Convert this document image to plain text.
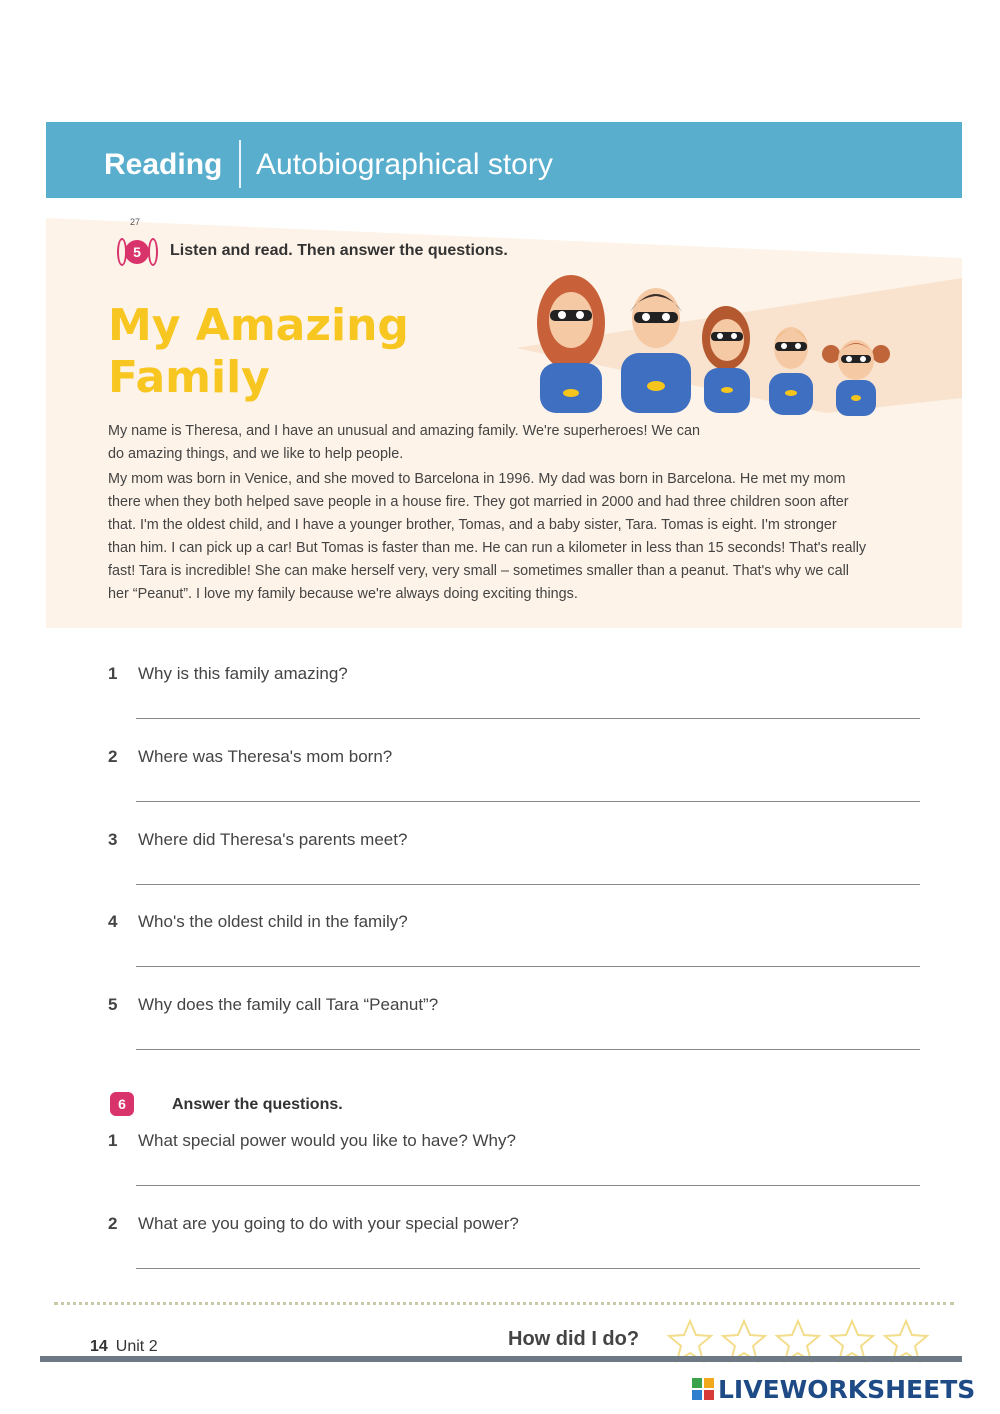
Reading Autobiographical story
27
5	Listen and read. Then answer the questions.
My Amazing
Family

My name is Theresa, and I have an unusual and amazing family. We're superheroes! We can
do amazing things, and we like to help people.

My mom was born in Venice, and she moved to Barcelona in 1996. My dad was born in Barcelona. He met my mom
there when they both helped save people in a house fire. They got married in 2000 and had three children soon after
that. I'm the oldest child, and I have a younger brother, Tomas, and a baby sister, Tara. Tomas is eight. I'm stronger
than him. I can pick up a car! But Tomas is faster than me. He can run a kilometer in less than 15 seconds! That's really
fast! Tara is incredible! She can make herself very, very small – sometimes smaller than a peanut. That's why we call
her “Peanut”. I love my family because we're always doing exciting things.

1 Why is this family amazing?
2 Where was Theresa's mom born?
3 Where did Theresa's parents meet?
4 Who's the oldest child in the family?
5 Why does the family call Tara “Peanut”?
6	Answer the questions.
1 What special power would you like to have? Why?
2 What are you going to do with your special power?
14 Unit 2	How did I do?
LIVEWORKSHEETS
